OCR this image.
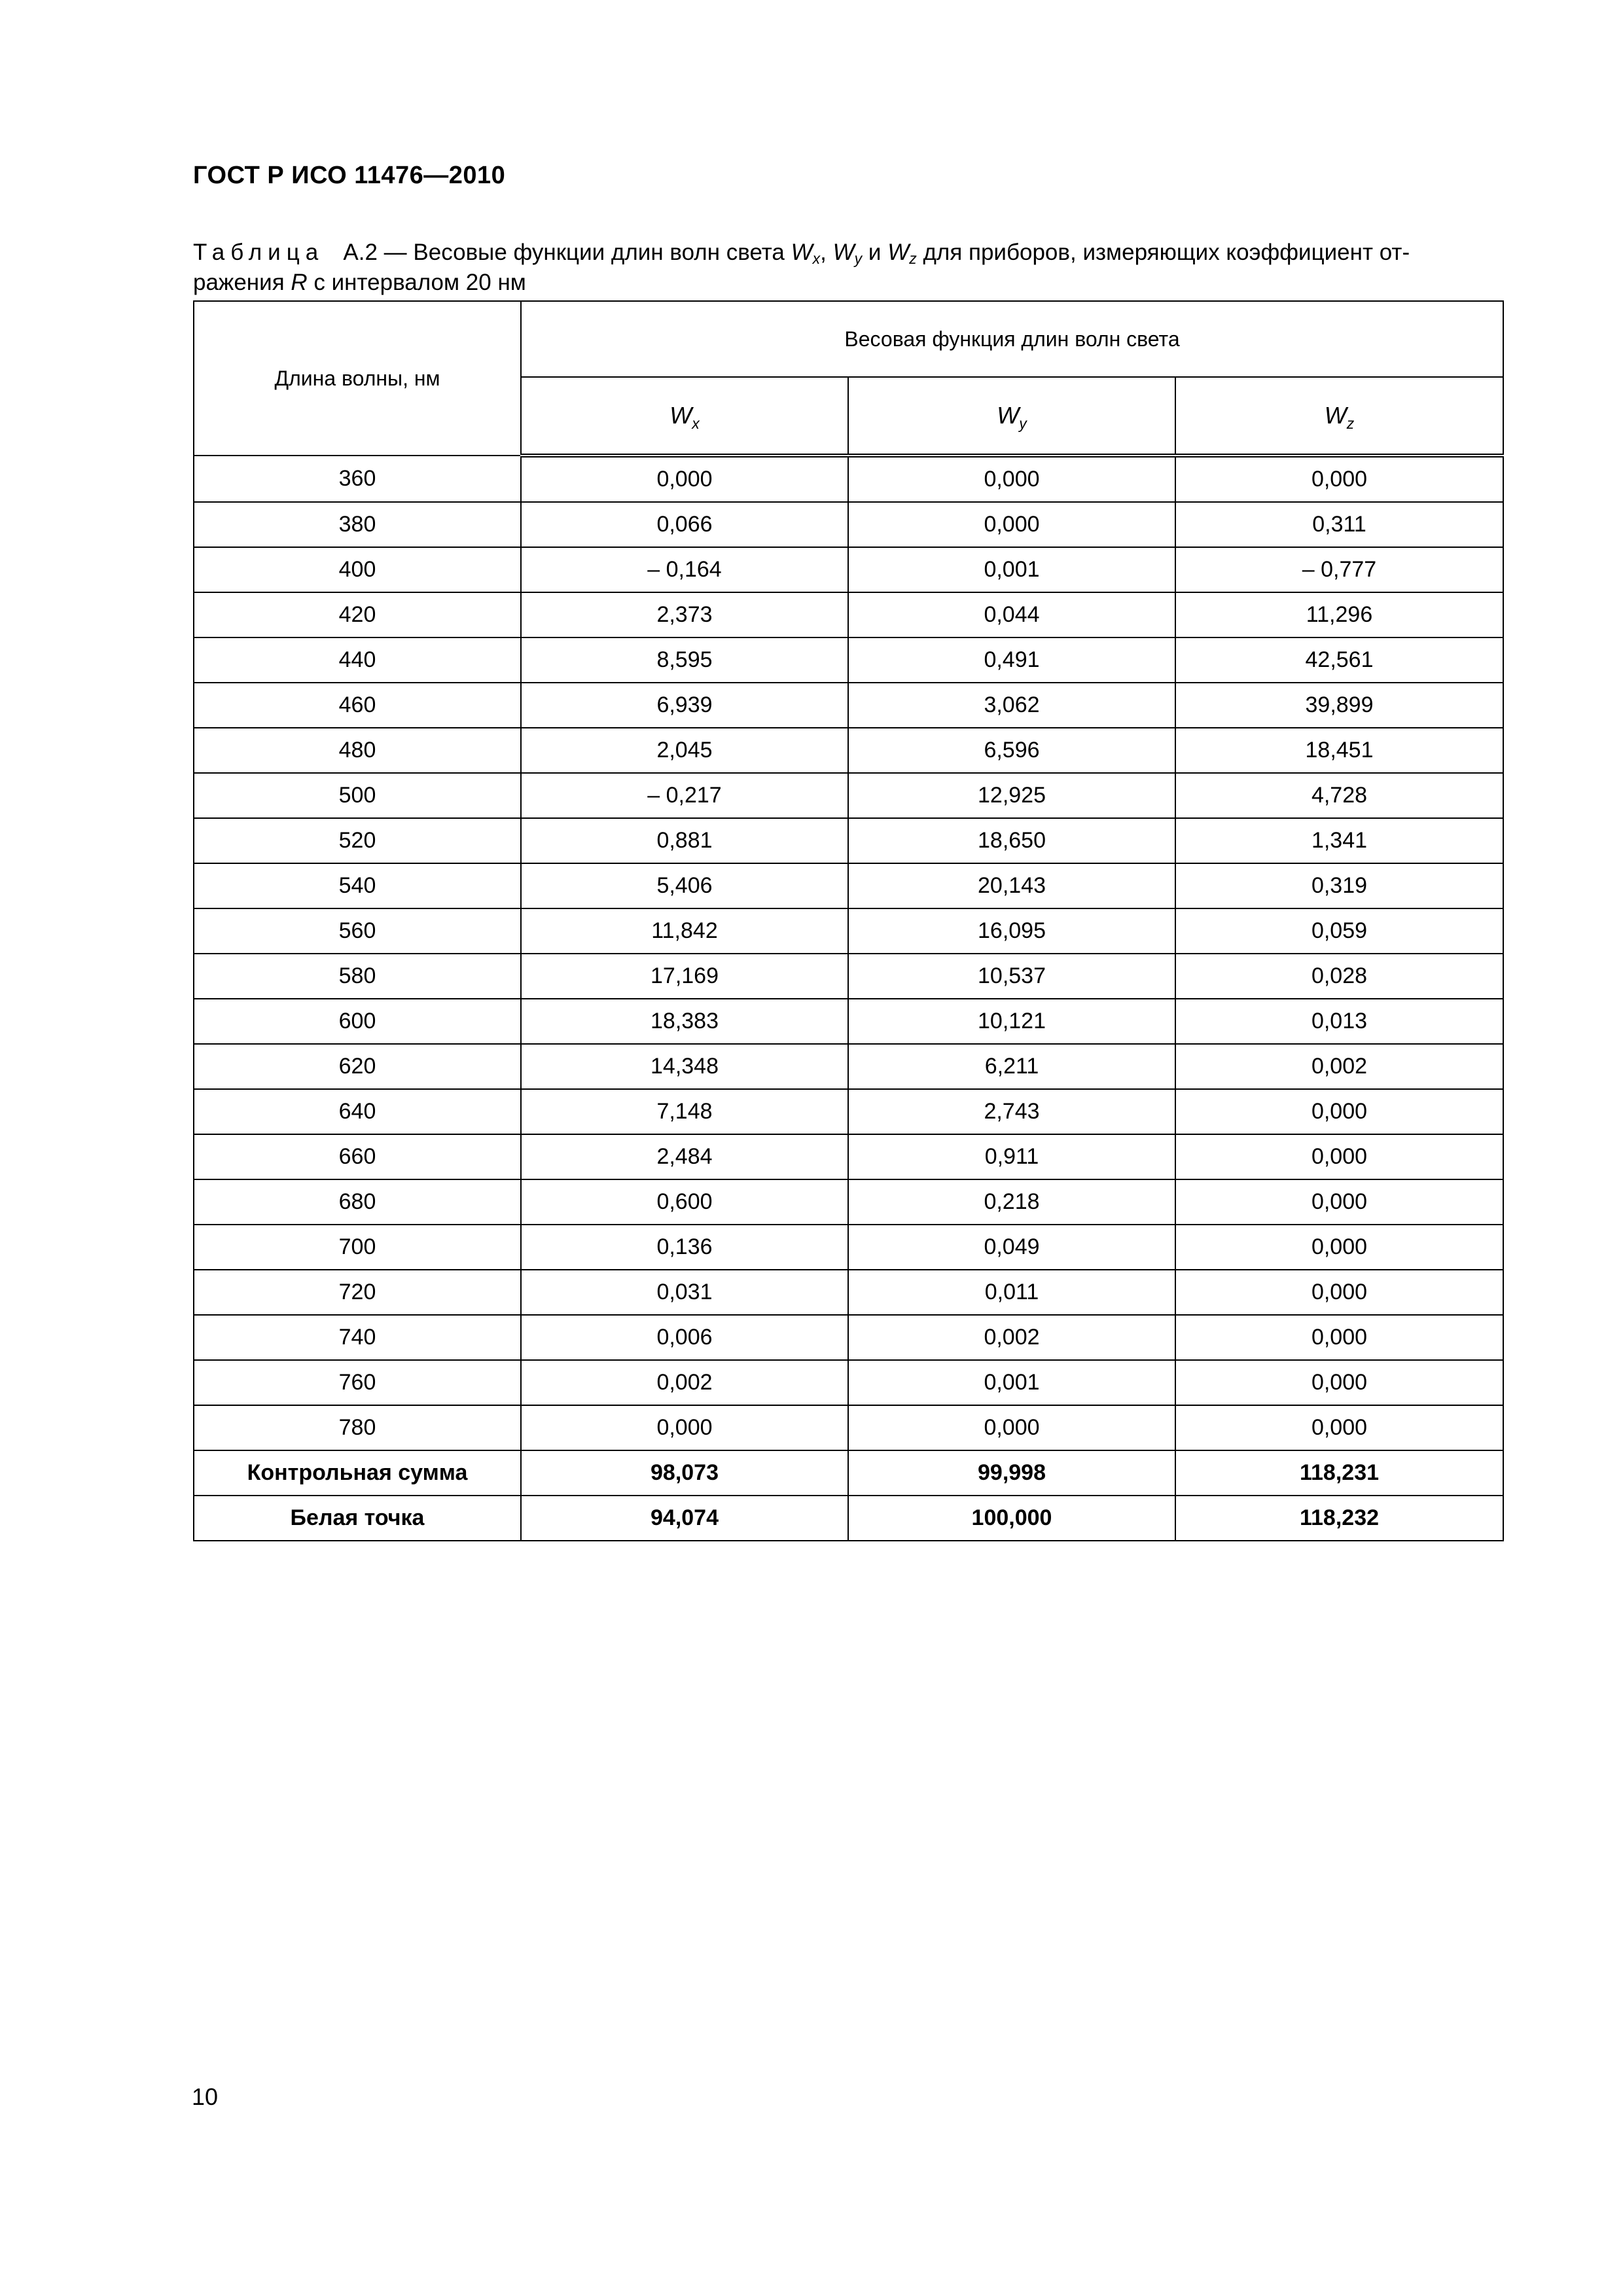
ГОСТ Р ИСО 11476—2010
Таблица А.2 — Весовые функции длин волн света $W_x$, $W_y$ и $W_z$ для приборов, измеряющих коэффициент от-
ражения R с интервалом 20 нм
Длина волны, нм	Весовая функция длин волн света		
	$W_x$	$W_y$	$W_z$
360	0,000	0,000	0,000
380	0,066	0,000	0,311
400	– 0,164	0,001	– 0,777
420	2,373	0,044	11,296
440	8,595	0,491	42,561
460	6,939	3,062	39,899
480	2,045	6,596	18,451
500	– 0,217	12,925	4,728
520	0,881	18,650	1,341
540	5,406	20,143	0,319
560	11,842	16,095	0,059
580	17,169	10,537	0,028
600	18,383	10,121	0,013
620	14,348	6,211	0,002
640	7,148	2,743	0,000
660	2,484	0,911	0,000
680	0,600	0,218	0,000
700	0,136	0,049	0,000
720	0,031	0,011	0,000
740	0,006	0,002	0,000
760	0,002	0,001	0,000
780	0,000	0,000	0,000
Контрольная сумма	98,073	99,998	118,231
Белая точка	94,074	100,000	118,232
10
